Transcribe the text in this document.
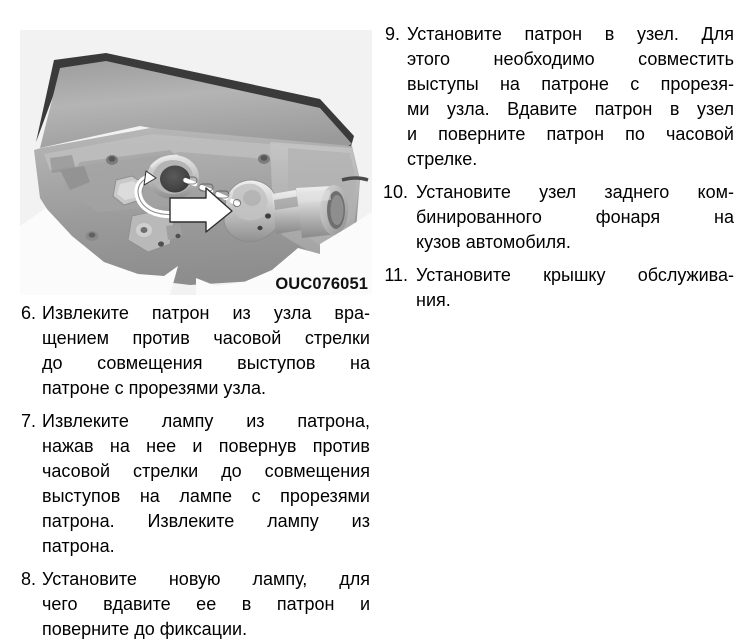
OUC076051
6. Извлеките патрон из узла вра-
щением против часовой стрелки
до совмещения выступов на
патроне с прорезями узла.
7. Извлеките лампу из патрона,
нажав на нее и повернув против
часовой стрелки до совмещения
выступов на лампе с прорезями
патрона. Извлеките лампу из
патрона.
8. Установите новую лампу, для
чего вдавите ее в патрон и
поверните до фиксации.
9. Установите патрон в узел. Для
этого необходимо совместить
выступы на патроне с прорезя-
ми узла. Вдавите патрон в узел
и поверните патрон по часовой
стрелке.
10. Установите узел заднего ком-
бинированного фонаря на
кузов автомобиля.
11. Установите крышку обслужива-
ния.
